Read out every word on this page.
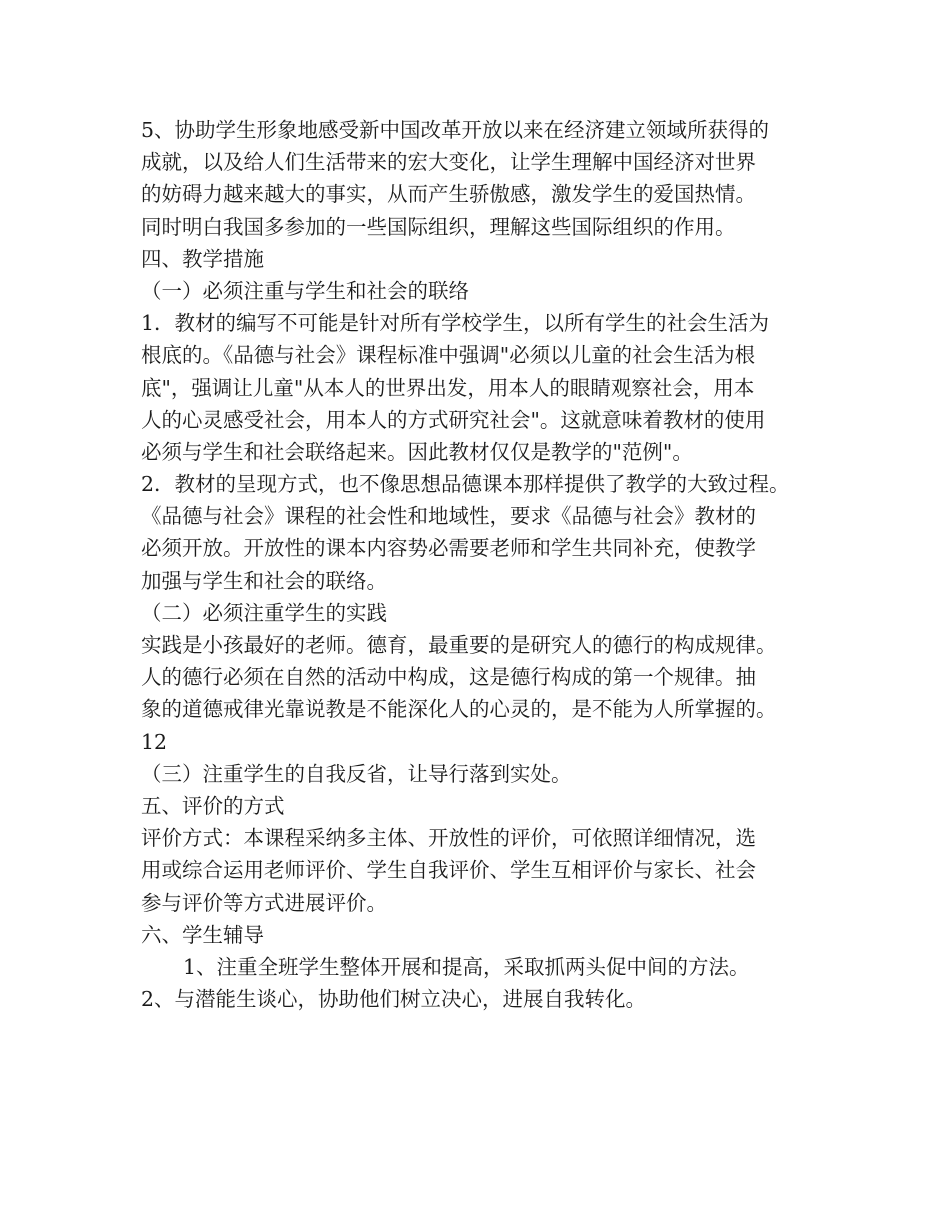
5、协助学生形象地感受新中国改革开放以来在经济建立领域所获得的
成就，以及给人们生活带来的宏大变化，让学生理解中国经济对世界
的妨碍力越来越大的事实，从而产生骄傲感，激发学生的爱国热情。
同时明白我国多参加的一些国际组织，理解这些国际组织的作用。
四、教学措施
（一）必须注重与学生和社会的联络
1．教材的编写不可能是针对所有学校学生，以所有学生的社会生活为
根底的。《品德与社会》课程标准中强调"必须以儿童的社会生活为根
底"，强调让儿童"从本人的世界出发，用本人的眼睛观察社会，用本
人的心灵感受社会，用本人的方式研究社会"。这就意味着教材的使用
必须与学生和社会联络起来。因此教材仅仅是教学的"范例"。
2．教材的呈现方式，也不像思想品德课本那样提供了教学的大致过程。
《品德与社会》课程的社会性和地域性，要求《品德与社会》教材的
必须开放。开放性的课本内容势必需要老师和学生共同补充，使教学
加强与学生和社会的联络。
（二）必须注重学生的实践
实践是小孩最好的老师。德育，最重要的是研究人的德行的构成规律。
人的德行必须在自然的活动中构成，这是德行构成的第一个规律。抽
象的道德戒律光靠说教是不能深化人的心灵的，是不能为人所掌握的。
12
（三）注重学生的自我反省，让导行落到实处。
五、评价的方式
评价方式：本课程采纳多主体、开放性的评价，可依照详细情况，选
用或综合运用老师评价、学生自我评价、学生互相评价与家长、社会
参与评价等方式进展评价。
六、学生辅导
1、注重全班学生整体开展和提高，采取抓两头促中间的方法。
2、与潜能生谈心，协助他们树立决心，进展自我转化。
